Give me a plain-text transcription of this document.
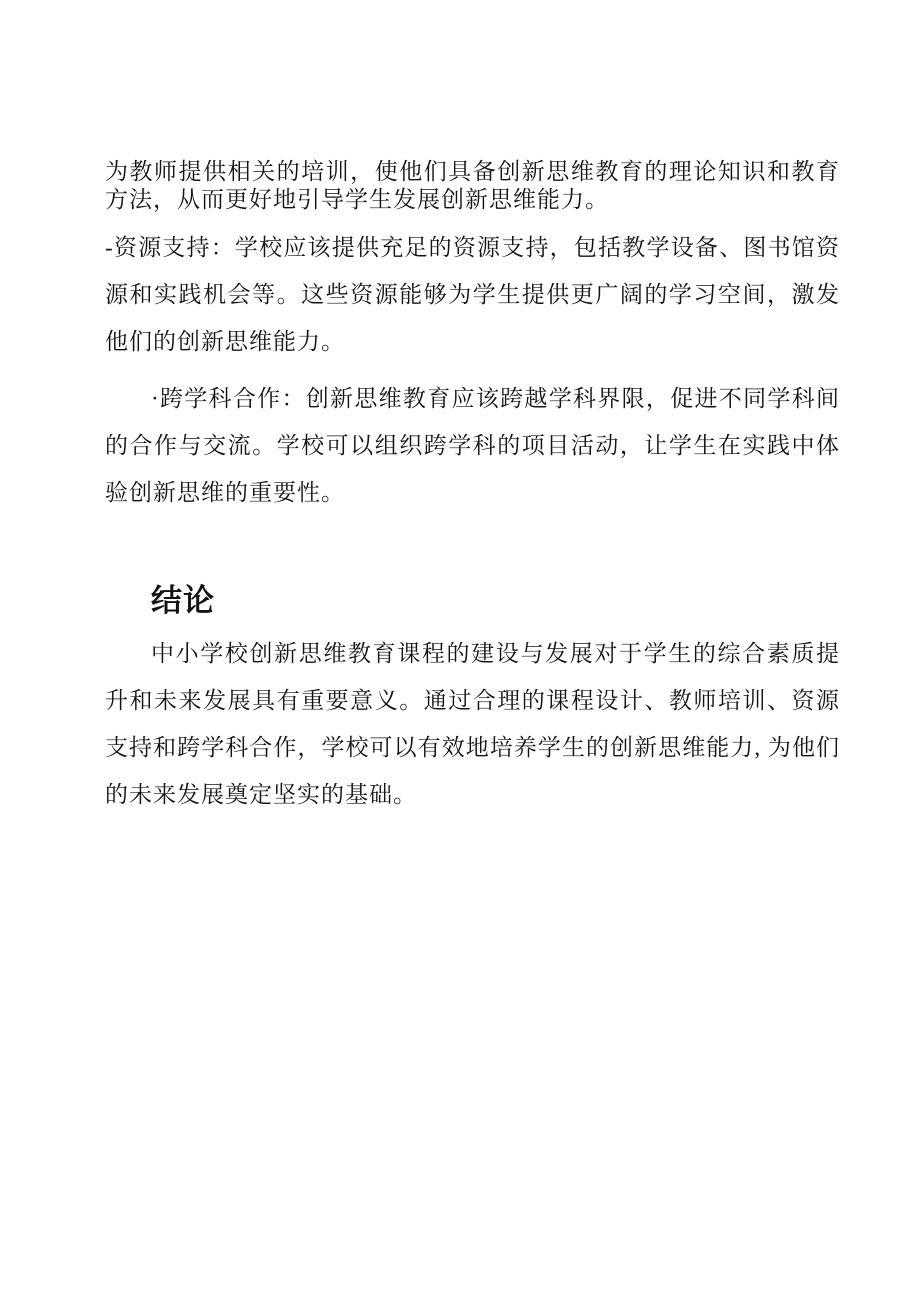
为教师提供相关的培训，使他们具备创新思维教育的理论知识和教育方法，从而更好地引导学生发展创新思维能力。

-资源支持：学校应该提供充足的资源支持，包括教学设备、图书馆资源和实践机会等。这些资源能够为学生提供更广阔的学习空间，激发他们的创新思维能力。

·跨学科合作：创新思维教育应该跨越学科界限，促进不同学科间的合作与交流。学校可以组织跨学科的项目活动，让学生在实践中体验创新思维的重要性。

结论

中小学校创新思维教育课程的建设与发展对于学生的综合素质提升和未来发展具有重要意义。通过合理的课程设计、教师培训、资源支持和跨学科合作，学校可以有效地培养学生的创新思维能力, 为他们的未来发展奠定坚实的基础。
